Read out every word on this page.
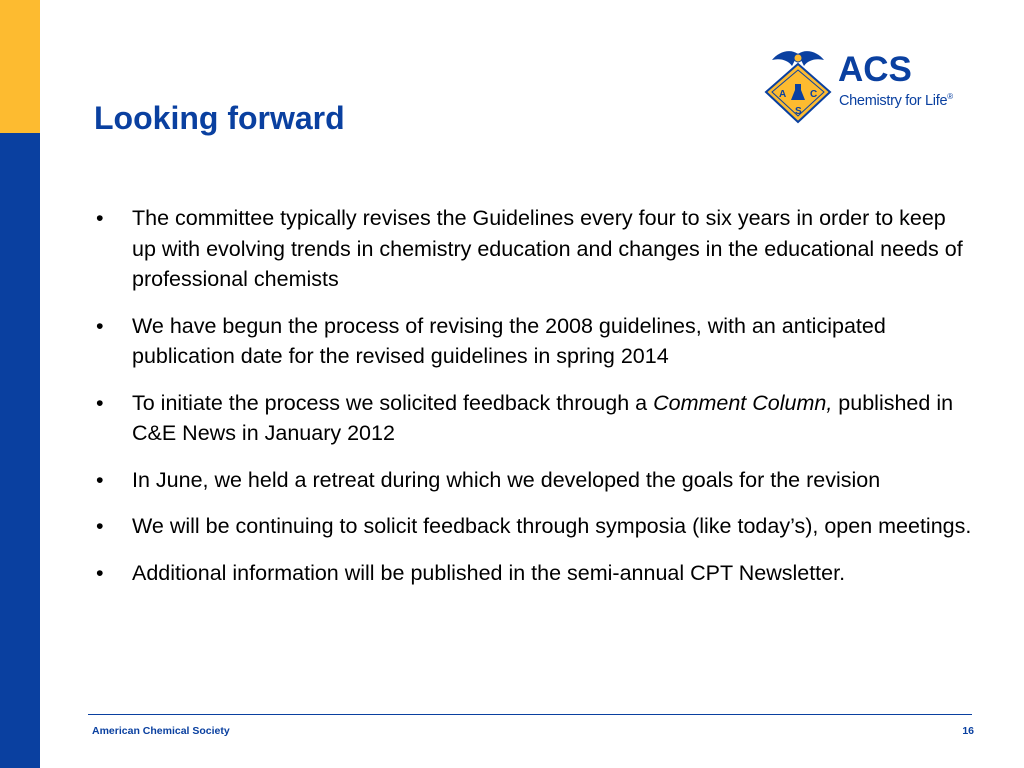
Looking forward
A C
S
ACS
Chemistry for Life®
• The committee typically revises the Guidelines every four to six years in order to keep up with evolving trends in chemistry education and changes in the educational needs of professional chemists
• We have begun the process of revising the 2008 guidelines, with an anticipated publication date for the revised guidelines in spring 2014
• To initiate the process we solicited feedback through a Comment Column, published in C&E News in January 2012
• In June, we held a retreat during which we developed the goals for the revision
• We will be continuing to solicit feedback through symposia (like today’s), open meetings.
• Additional information will be published in the semi-annual CPT Newsletter.
American Chemical Society	16
